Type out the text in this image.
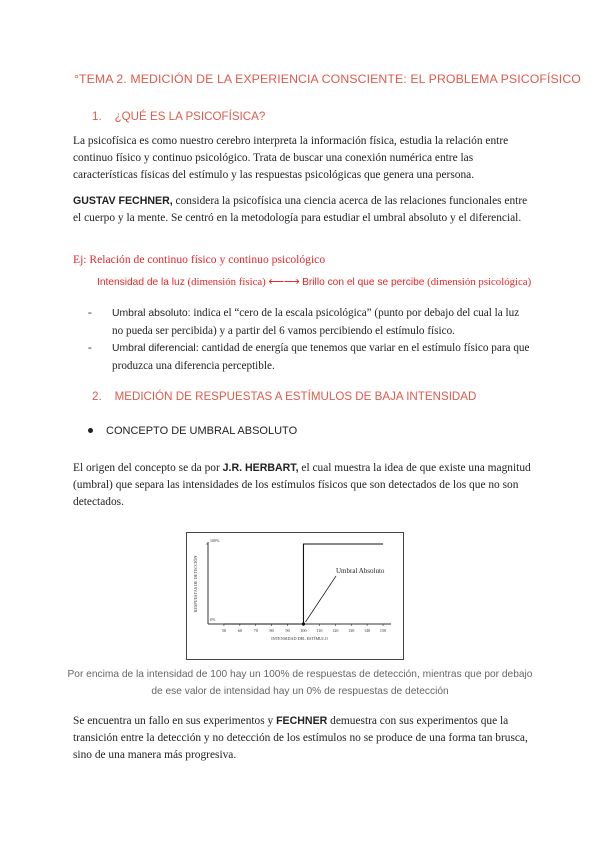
°TEMA 2. MEDICIÓN DE LA EXPERIENCIA CONSCIENTE: EL PROBLEMA PSICOFÍSICO
1. ¿QUÉ ES LA PSICOFÍSICA?
La psicofísica es como nuestro cerebro interpreta la información física, estudia la relación entre continuo físico y continuo psicológico. Trata de buscar una conexión numérica entre las características físicas del estímulo y las respuestas psicológicas que genera una persona.
GUSTAV FECHNER, considera la psicofísica una ciencia acerca de las relaciones funcionales entre el cuerpo y la mente. Se centró en la metodología para estudiar el umbral absoluto y el diferencial.
Ej: Relación de continuo físico y continuo psicológico
Intensidad de la luz (dimensión física) ⟵⟶ Brillo con el que se percibe (dimensión psicológica)
- Umbral absoluto: indica el “cero de la escala psicológica” (punto por debajo del cual la luz no pueda ser percibida) y a partir del 6 vamos percibiendo el estímulo físico.
- Umbral diferencial: cantidad de energía que tenemos que variar en el estímulo físico para que produzca una diferencia perceptible.
2. MEDICIÓN DE RESPUESTAS A ESTÍMULOS DE BAJA INTENSIDAD
CONCEPTO DE UMBRAL ABSOLUTO
El origen del concepto se da por J.R. HERBART, el cual muestra la idea de que existe una magnitud (umbral) que separa las intensidades de los estímulos físicos que son detectados de los que no son detectados.
100%
0%
50	60	70	80	90	100 110 120 130 140 150
INTENSIDAD DEL ESTÍMULO
RESPUESTAS DE DETECCIÓN	Umbral Absoluto
Por encima de la intensidad de 100 hay un 100% de respuestas de detección, mientras que por debajo de ese valor de intensidad hay un 0% de respuestas de detección
Se encuentra un fallo en sus experimentos y FECHNER demuestra con sus experimentos que la transición entre la detección y no detección de los estímulos no se produce de una forma tan brusca, sino de una manera más progresiva.
